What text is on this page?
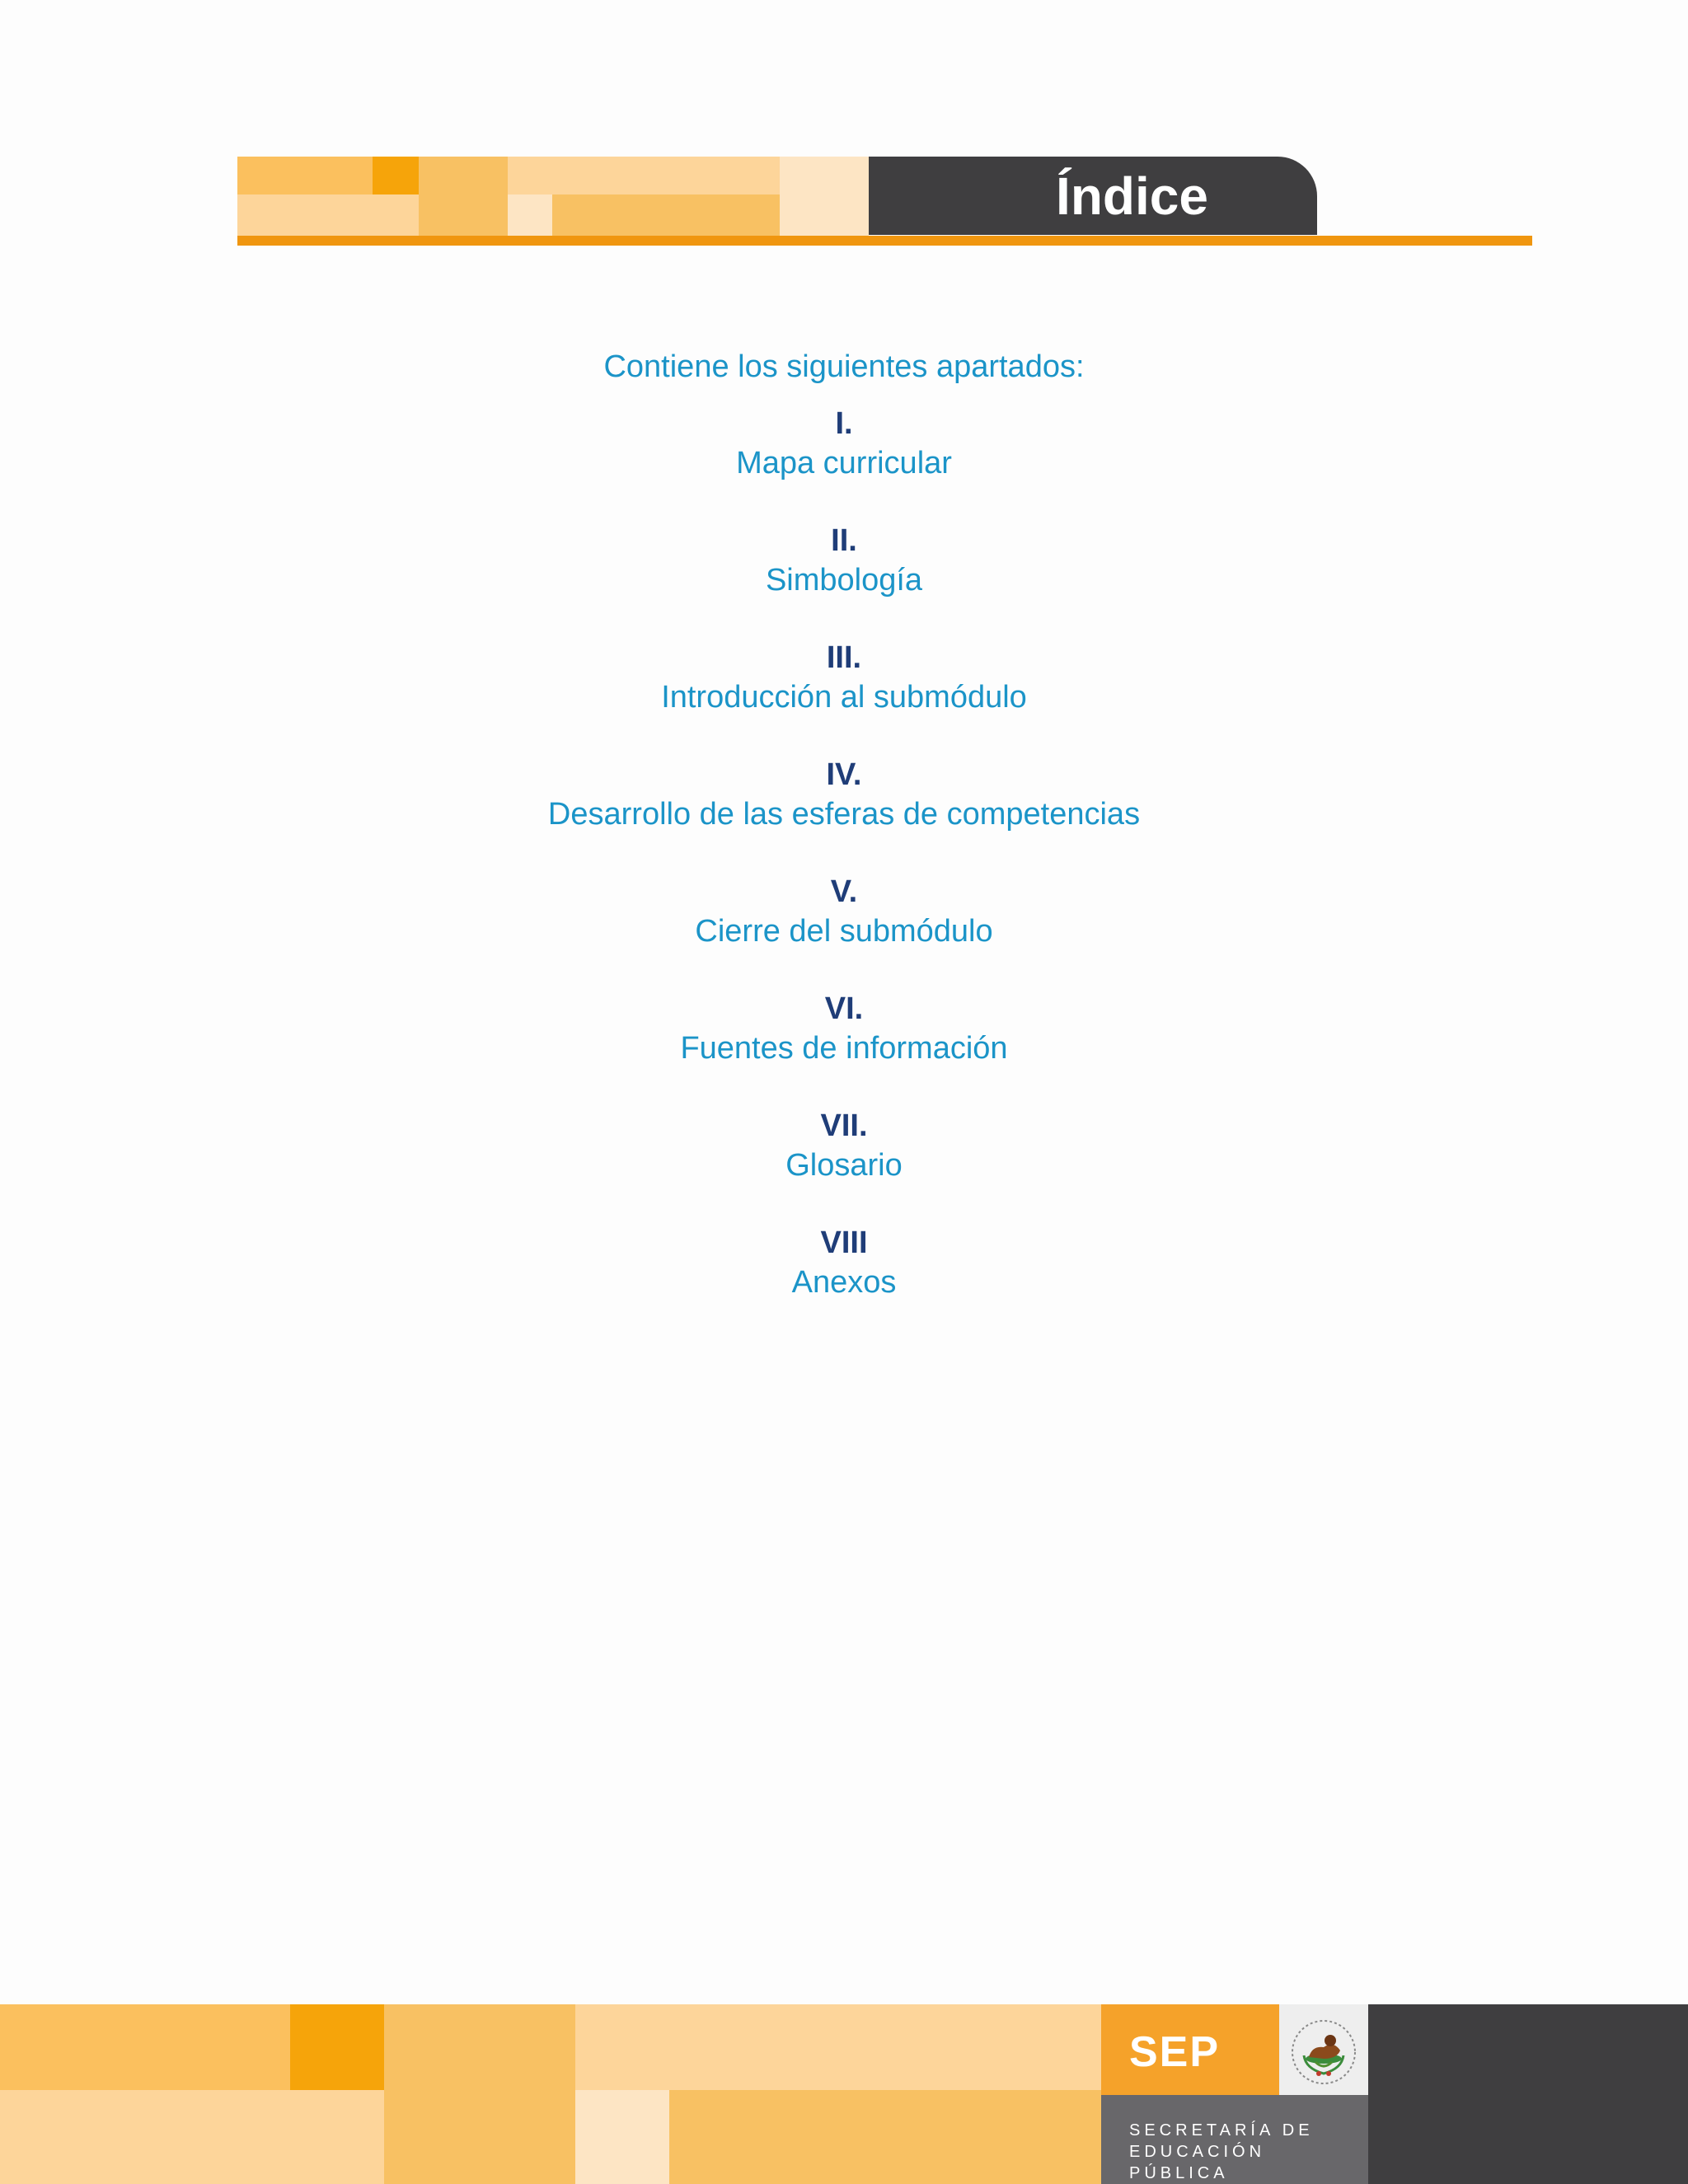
Índice

Contiene los siguientes apartados:

I.
Mapa curricular
II.
Simbología
III.
Introducción al submódulo
IV.
Desarrollo de las esferas de competencias
V.
Cierre del submódulo
VI.
Fuentes de información
VII.
Glosario
VIII
Anexos
SEP
SECRETARÍA DE
EDUCACIÓN PÚBLICA
